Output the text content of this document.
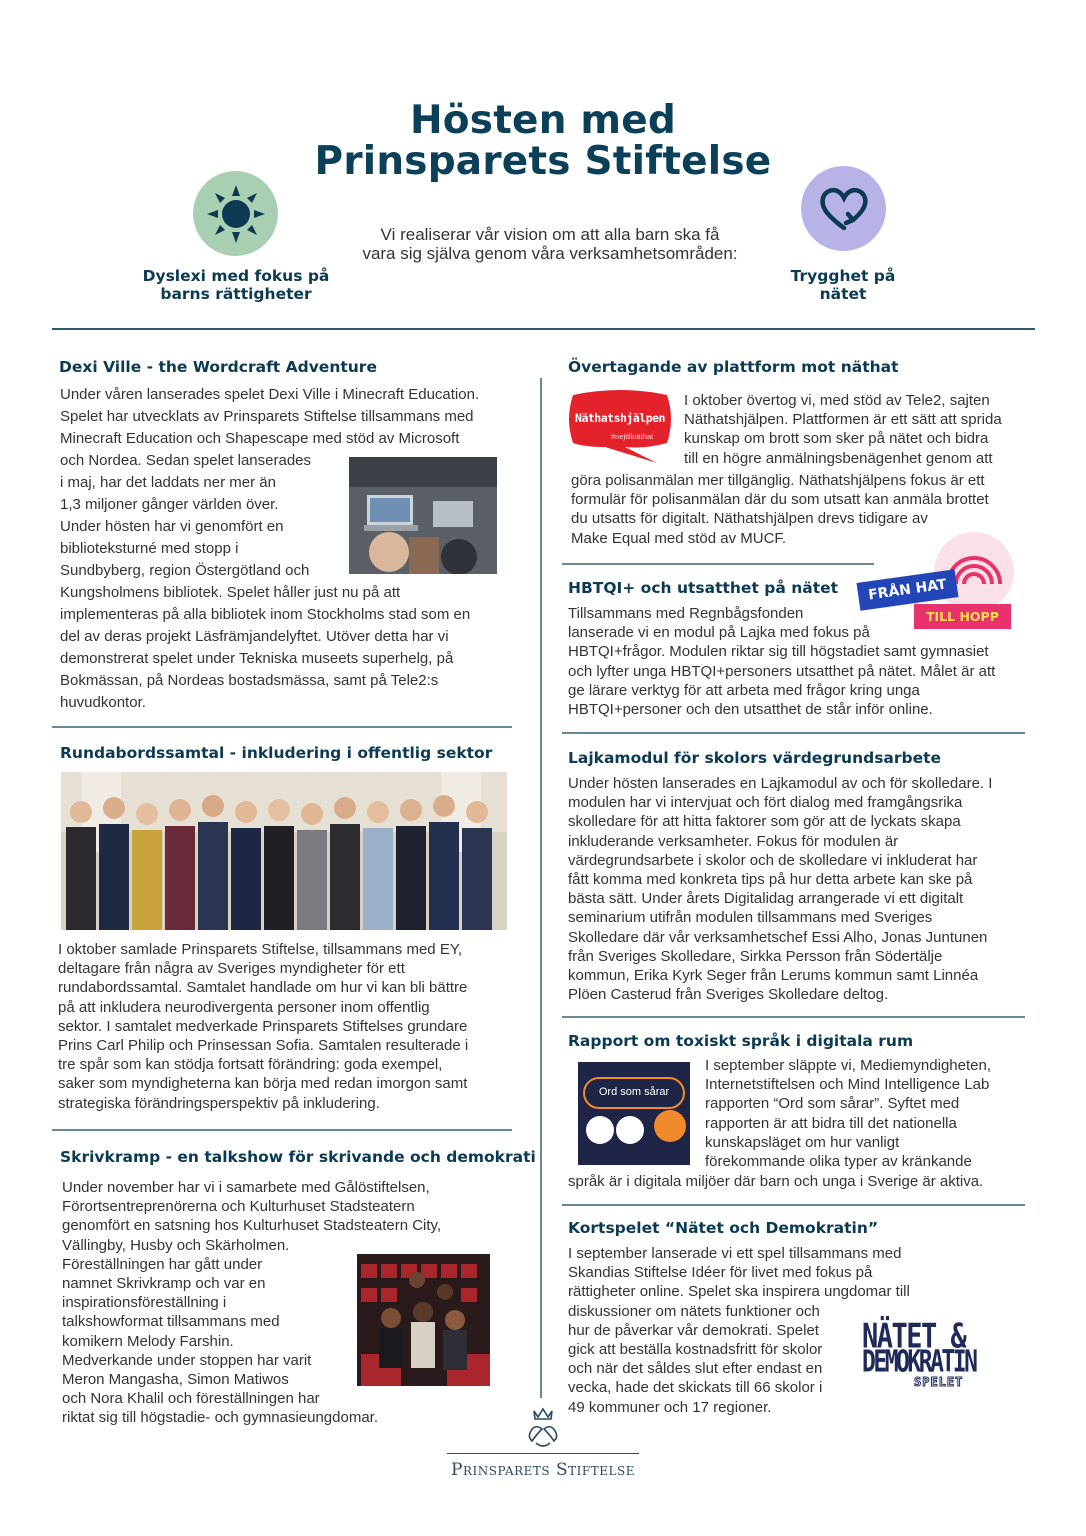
Hösten med
Prinsparets Stiftelse
Vi realiserar vår vision om att alla barn ska få
vara sig själva genom våra verksamhetsområden:
Dyslexi med fokus på
barns rättigheter
Trygghet på
nätet
Dexi Ville - the Wordcraft Adventure

Under våren lanserades spelet Dexi Ville i Minecraft Education.

Spelet har utvecklats av Prinsparets Stiftelse tillsammans med

Minecraft Education och Shapescape med stöd av Microsoft

och Nordea. Sedan spelet lanserades

i maj, har det laddats ner mer än

1,3 miljoner gånger världen över.

Under hösten har vi genomfört en

biblioteksturné med stopp i

Sundbyberg, region Östergötland och

Kungsholmens bibliotek. Spelet håller just nu på att

implementeras på alla bibliotek inom Stockholms stad som en

del av deras projekt Läsfrämjandelyftet. Utöver detta har vi

demonstrerat spelet under Tekniska museets superhelg, på

Bokmässan, på Nordeas bostadsmässa, samt på Tele2:s

huvudkontor.

Rundabordssamtal - inkludering i offentlig sektor

I oktober samlade Prinsparets Stiftelse, tillsammans med EY,

deltagare från några av Sveriges myndigheter för ett

rundabordssamtal. Samtalet handlade om hur vi kan bli bättre

på att inkludera neurodivergenta personer inom offentlig

sektor. I samtalet medverkade Prinsparets Stiftelses grundare

Prins Carl Philip och Prinsessan Sofia. Samtalen resulterade i

tre spår som kan stödja fortsatt förändring: goda exempel,

saker som myndigheterna kan börja med redan imorgon samt

strategiska förändringsperspektiv på inkludering.

Skrivkramp - en talkshow för skrivande och demokrati

Under november har vi i samarbete med Gålöstiftelsen,

Förortsentreprenörerna och Kulturhuset Stadsteatern

genomfört en satsning hos Kulturhuset Stadsteatern City,

Vällingby, Husby och Skärholmen.

Föreställningen har gått under

namnet Skrivkramp och var en

inspirationsföreställning i

talkshowformat tillsammans med

komikern Melody Farshin.

Medverkande under stoppen har varit

Meron Mangasha, Simon Matiwos

och Nora Khalil och föreställningen har

riktat sig till högstadie- och gymnasieungdomar.

Övertagande av plattform mot näthat
Näthatshjälpen
#nejtillnäthat

I oktober övertog vi, med stöd av Tele2, sajten

Näthatshjälpen. Plattformen är ett sätt att sprida

kunskap om brott som sker på nätet och bidra

till en högre anmälningsbenägenhet genom att

göra polisanmälan mer tillgänglig. Näthatshjälpens fokus är ett

formulär för polisanmälan där du som utsatt kan anmäla brottet

du utsatts för digitalt. Näthatshjälpen drevs tidigare av

Make Equal med stöd av MUCF.

HBTQI+ och utsatthet på nätet	FRÅN HAT
TILL HOPP

Tillsammans med Regnbågsfonden

lanserade vi en modul på Lajka med fokus på

HBTQI+frågor. Modulen riktar sig till högstadiet samt gymnasiet

och lyfter unga HBTQI+personers utsatthet på nätet. Målet är att

ge lärare verktyg för att arbeta med frågor kring unga

HBTQI+personer och den utsatthet de står inför online.

Lajkamodul för skolors värdegrundsarbete

Under hösten lanserades en Lajkamodul av och för skolledare. I

modulen har vi intervjuat och fört dialog med framgångsrika

skolledare för att hitta faktorer som gör att de lyckats skapa

inkluderande verksamheter. Fokus för modulen är

värdegrundsarbete i skolor och de skolledare vi inkluderat har

fått komma med konkreta tips på hur detta arbete kan ske på

bästa sätt. Under årets Digitalidag arrangerade vi ett digitalt

seminarium utifrån modulen tillsammans med Sveriges

Skolledare där vår verksamhetschef Essi Alho, Jonas Juntunen

från Sveriges Skolledare, Sirkka Persson från Södertälje

kommun, Erika Kyrk Seger från Lerums kommun samt Linnéa

Plöen Casterud från Sveriges Skolledare deltog.

Rapport om toxiskt språk i digitala rum
Ord som sårar

I september släppte vi, Mediemyndigheten,

Internetstiftelsen och Mind Intelligence Lab

rapporten “Ord som sårar”. Syftet med

rapporten är att bidra till det nationella

kunskapsläget om hur vanligt

förekommande olika typer av kränkande

språk är i digitala miljöer där barn och unga i Sverige är aktiva.

Kortspelet “Nätet och Demokratin”

I september lanserade vi ett spel tillsammans med

Skandias Stiftelse Idéer för livet med fokus på

rättigheter online. Spelet ska inspirera ungdomar till

diskussioner om nätets funktioner och

hur de påverkar vår demokrati. Spelet

gick att beställa kostnadsfritt för skolor

och när det såldes slut efter endast en

vecka, hade det skickats till 66 skolor i

49 kommuner och 17 regioner.

NÄTET &
DEMOKRATIN
SPELET
Prinsparets Stiftelse
